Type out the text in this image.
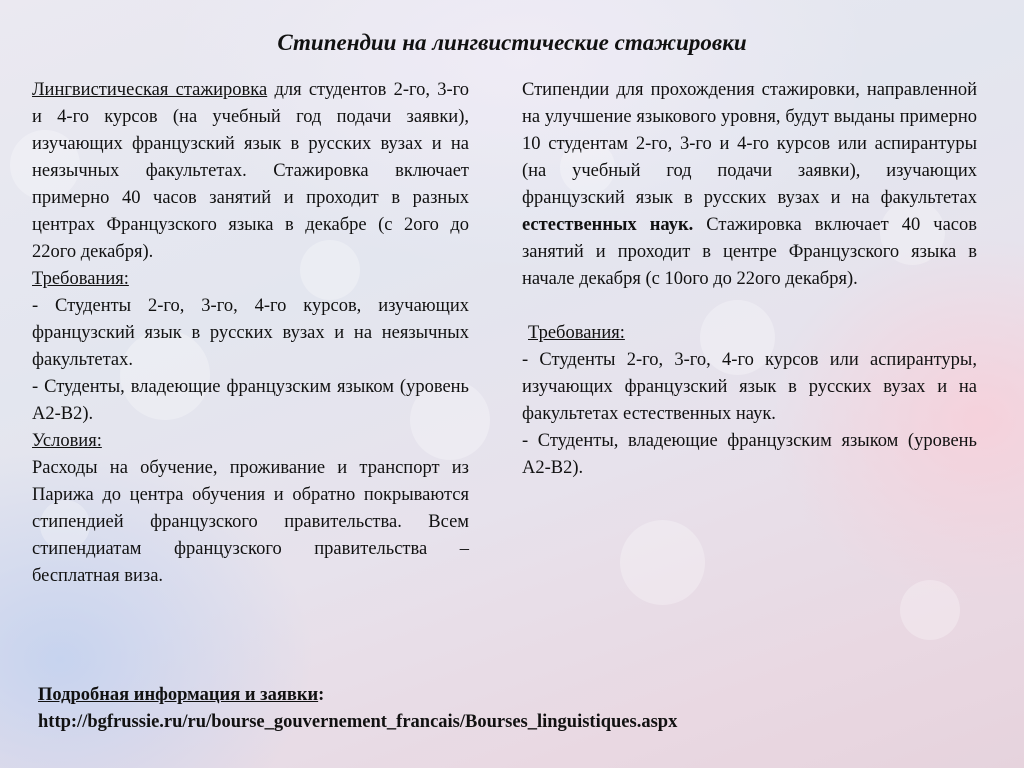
Стипендии на лингвистические стажировки

Лингвистическая стажировка для студентов 2-го, 3-го и 4-го курсов (на учебный год подачи заявки), изучающих французский язык в русских вузах и на неязычных факультетах. Стажировка включает примерно 40 часов занятий и проходит в разных центрах Французского языка в декабре (с 2ого до 22ого декабря).

Требования:

- Студенты 2-го, 3-го, 4-го курсов, изучающих французский язык в русских вузах и на неязычных факультетах.

- Студенты, владеющие французским языком (уровень А2-В2).

Условия:

Расходы на обучение, проживание и транспорт из Парижа до центра обучения и обратно покрываются стипендией французского правительства. Всем стипендиатам французского правительства – бесплатная виза.

Стипендии для прохождения стажировки, направленной на улучшение языкового уровня, будут выданы примерно 10 студентам 2-го, 3-го и 4-го курсов или аспирантуры (на учебный год подачи заявки), изучающих французский язык в русских вузах и на факультетах естественных наук. Стажировка включает 40 часов занятий и проходит в центре Французского языка в начале декабря (с 10ого до 22ого декабря).

Требования:

- Студенты 2-го, 3-го, 4-го курсов или аспирантуры, изучающих французский язык в русских вузах и на факультетах естественных наук.

- Студенты, владеющие французским языком (уровень А2-В2).

Подробная информация и заявки:
http://bgfrussie.ru/ru/bourse_gouvernement_francais/Bourses_linguistiques.aspx
